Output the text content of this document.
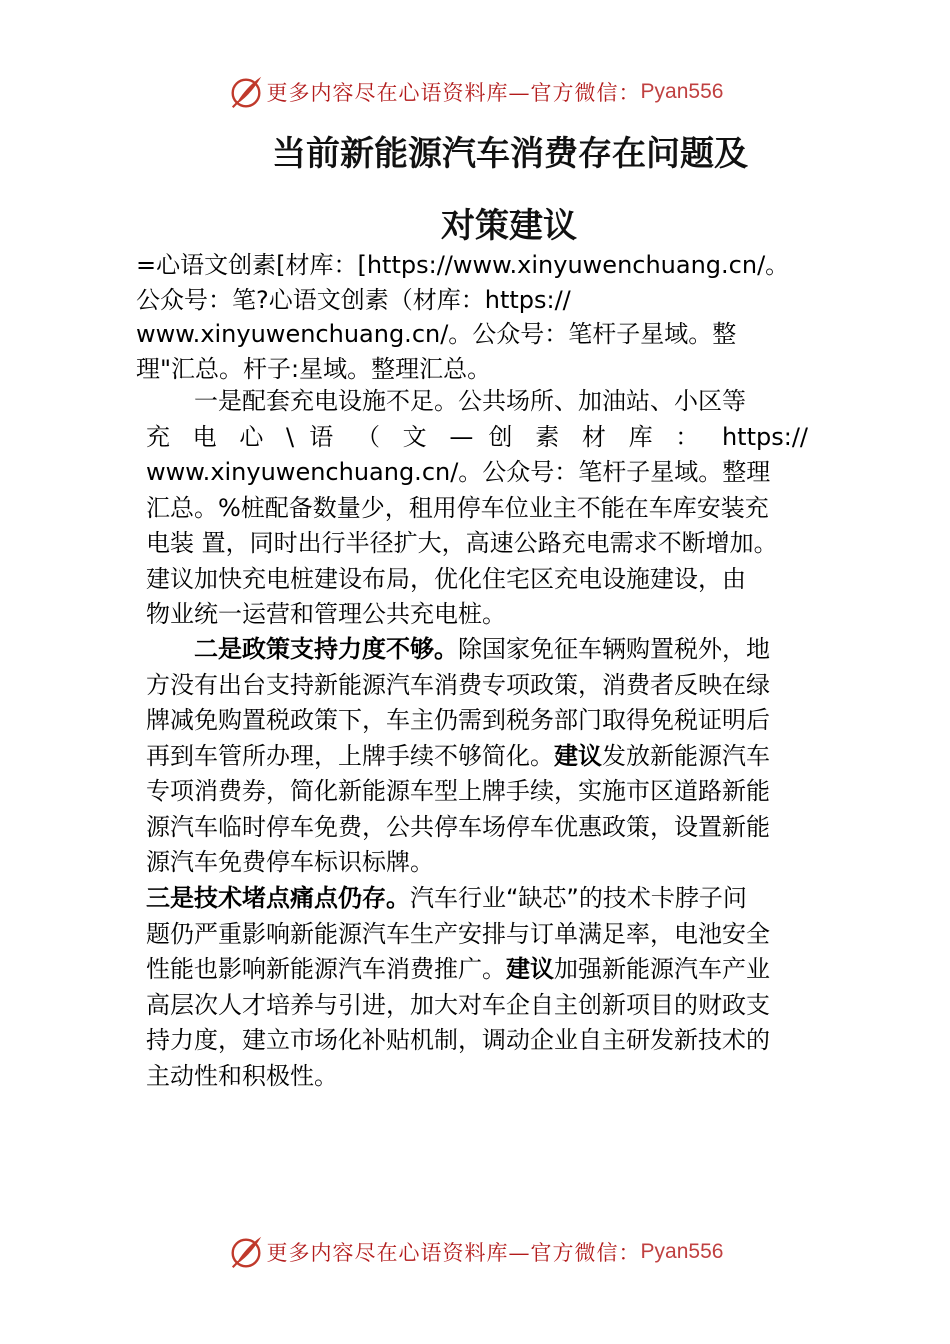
更多内容尽在心语资料库—官方微信： Pyan556
当前新能源汽车消费存在问题及
对策建议
=心语文创素[材库：[https://www.xinyuwenchuang.cn/。
公众号：笔?心语文创素（材库：https://
www.xinyuwenchuang.cn/。公众号：笔杆子星域。整
理"汇总。杆子:星域。整理汇总。
一是配套充电设施不足。公共场所、加油站、小区等
充 电 心 \ 语 （ 文 — 创 素 材 库 ： https://
www.xinyuwenchuang.cn/。公众号：笔杆子星域。整理
汇总。%桩配备数量少，租用停车位业主不能在车库安装充
电装 置，同时出行半径扩大，高速公路充电需求不断增加。
建议加快充电桩建设布局，优化住宅区充电设施建设，由
物业统一运营和管理公共充电桩。
二是政策支持力度不够。除国家免征车辆购置税外，地
方没有出台支持新能源汽车消费专项政策，消费者反映在绿
牌减免购置税政策下，车主仍需到税务部门取得免税证明后
再到车管所办理，上牌手续不够简化。建议发放新能源汽车
专项消费券，简化新能源车型上牌手续，实施市区道路新能
源汽车临时停车免费，公共停车场停车优惠政策，设置新能
源汽车免费停车标识标牌。
三是技术堵点痛点仍存。汽车行业“缺芯”的技术卡脖子问
题仍严重影响新能源汽车生产安排与订单满足率，电池安全
性能也影响新能源汽车消费推广。建议加强新能源汽车产业
高层次人才培养与引进，加大对车企自主创新项目的财政支
持力度，建立市场化补贴机制，调动企业自主研发新技术的
主动性和积极性。
更多内容尽在心语资料库—官方微信： Pyan556
